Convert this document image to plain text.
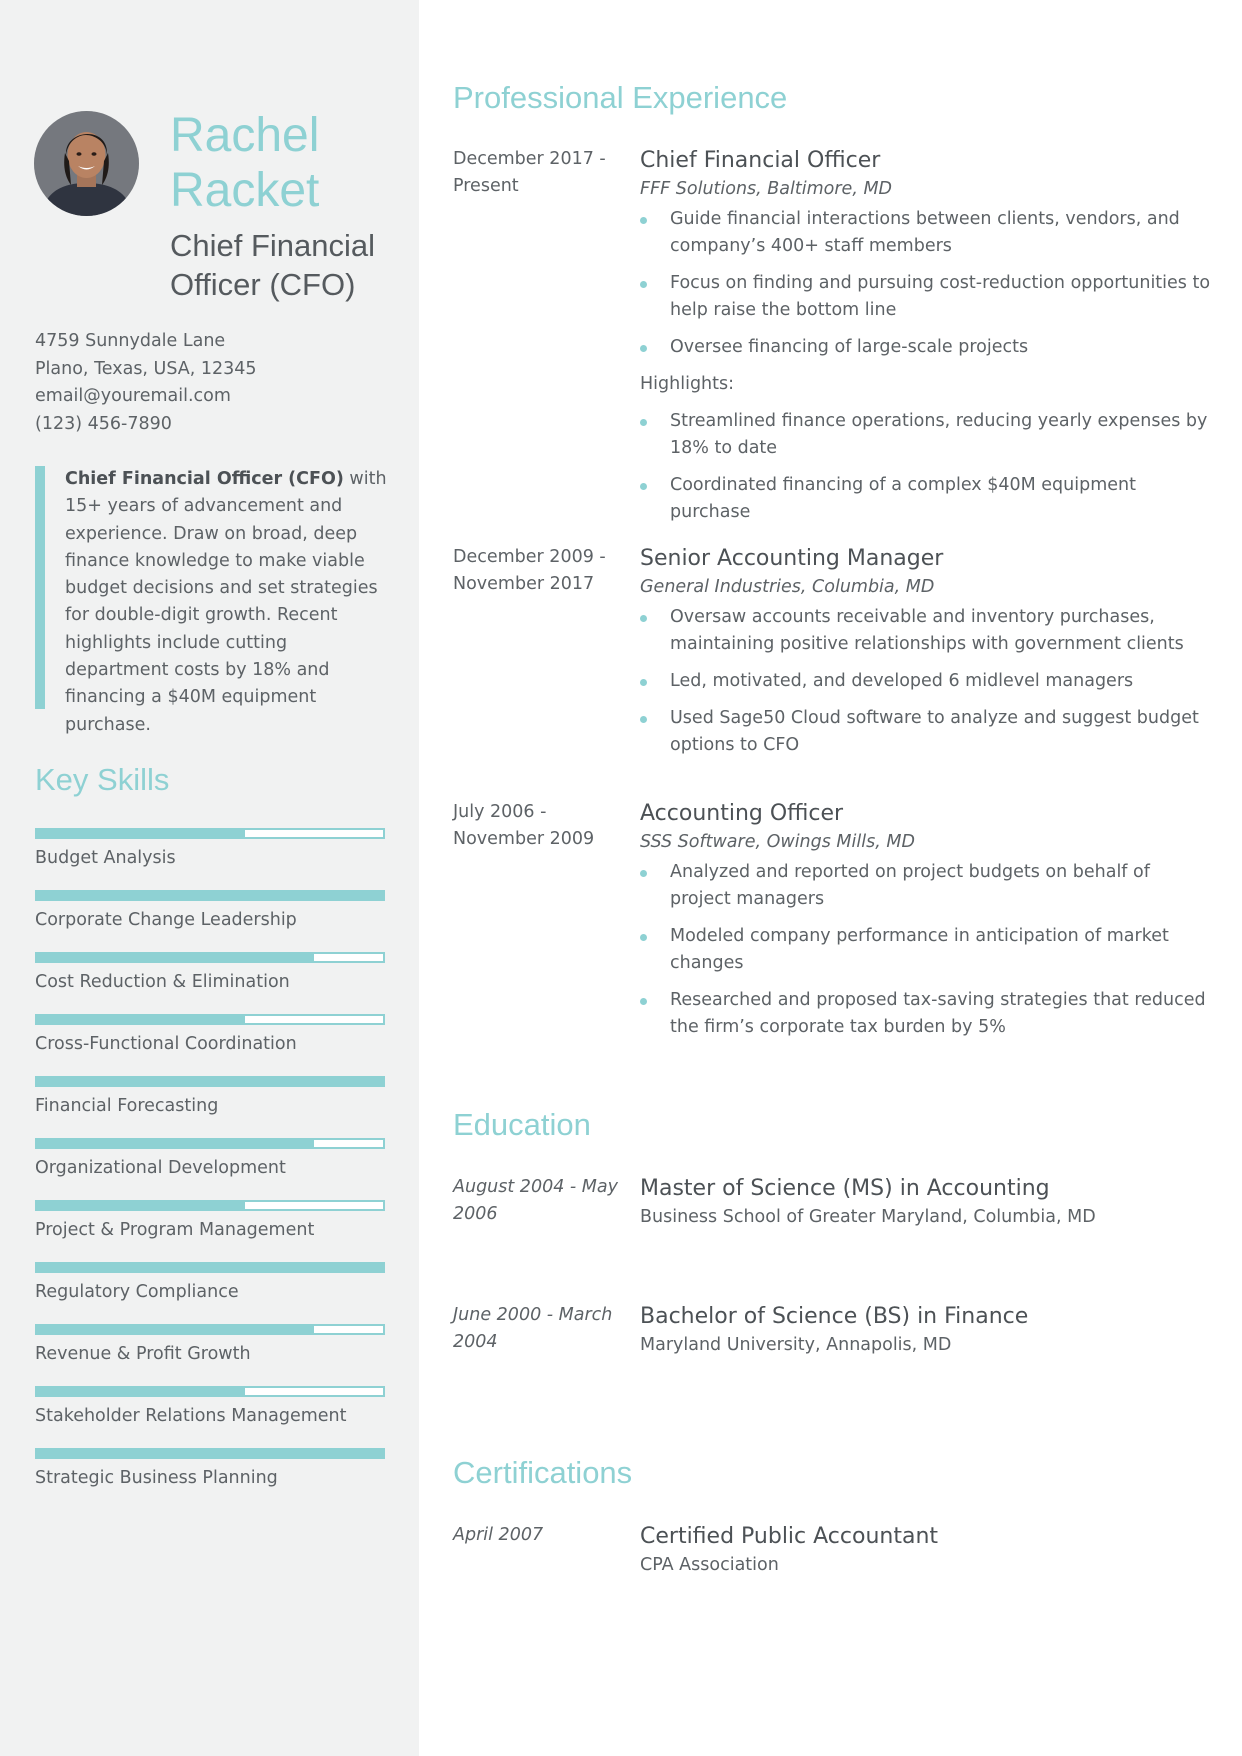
Rachel
Racket
Chief Financial Officer (CFO)
4759 Sunnydale Lane
Plano, Texas, USA, 12345
email@youremail.com
(123) 456-7890
Chief Financial Officer (CFO) with 15+ years of advancement and experience. Draw on broad, deep finance knowledge to make viable budget decisions and set strategies for double-digit growth. Recent highlights include cutting department costs by 18% and financing a $40M equipment purchase.
Key Skills
Budget Analysis
Corporate Change Leadership
Cost Reduction & Elimination
Cross-Functional Coordination
Financial Forecasting
Organizational Development
Project & Program Management
Regulatory Compliance
Revenue & Profit Growth
Stakeholder Relations Management
Strategic Business Planning
Professional Experience
December 2017 - Present
Chief Financial Officer
FFF Solutions, Baltimore, MD
Guide financial interactions between clients, vendors, and company’s 400+ staff members
Focus on finding and pursuing cost-reduction opportunities to help raise the bottom line
Oversee financing of large-scale projects
Highlights:
Streamlined finance operations, reducing yearly expenses by 18% to date
Coordinated financing of a complex $40M equipment purchase
December 2009 - November 2017
Senior Accounting Manager
General Industries, Columbia, MD
Oversaw accounts receivable and inventory purchases, maintaining positive relationships with government clients
Led, motivated, and developed 6 midlevel managers
Used Sage50 Cloud software to analyze and suggest budget options to CFO
July 2006 - November 2009
Accounting Officer
SSS Software, Owings Mills, MD
Analyzed and reported on project budgets on behalf of project managers
Modeled company performance in anticipation of market changes
Researched and proposed tax-saving strategies that reduced the firm’s corporate tax burden by 5%
Education
August 2004 - May 2006
Master of Science (MS) in Accounting
Business School of Greater Maryland, Columbia, MD
June 2000 - March 2004
Bachelor of Science (BS) in Finance
Maryland University, Annapolis, MD
Certifications
April 2007	Certified Public Accountant
CPA Association
